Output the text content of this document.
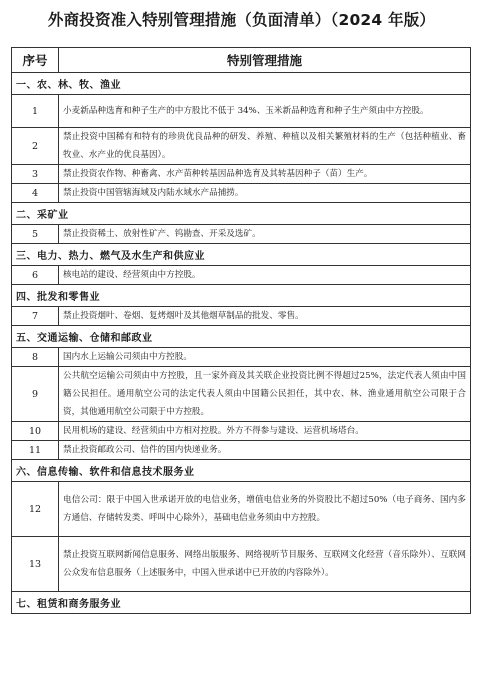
外商投资准入特别管理措施（负面清单）（2024 年版）
序号	特别管理措施
一、农、林、牧、渔业	
1	小麦新品种选育和种子生产的中方股比不低于 34%、玉米新品种选育和种子生产须由中方控股。
2	禁止投资中国稀有和特有的珍贵优良品种的研发、养殖、种植以及相关繁殖材料的生产（包括种植业、畜牧业、水产业的优良基因）。
3	禁止投资农作物、种畜禽、水产苗种转基因品种选育及其转基因种子（苗）生产。
4	禁止投资中国管辖海域及内陆水域水产品捕捞。
二、采矿业	
5	禁止投资稀土、放射性矿产、钨勘查、开采及选矿。
三、电力、热力、燃气及水生产和供应业	
6	核电站的建设、经营须由中方控股。
四、批发和零售业	
7	禁止投资烟叶、卷烟、复烤烟叶及其他烟草制品的批发、零售。
五、交通运输、仓储和邮政业	
8	国内水上运输公司须由中方控股。
9	公共航空运输公司须由中方控股，且一家外商及其关联企业投资比例不得超过25%，法定代表人须由中国籍公民担任。通用航空公司的法定代表人须由中国籍公民担任，其中农、林、渔业通用航空公司限于合资，其他通用航空公司限于中方控股。
10	民用机场的建设、经营须由中方相对控股。外方不得参与建设、运营机场塔台。
11	禁止投资邮政公司、信件的国内快递业务。
六、信息传输、软件和信息技术服务业	
12	电信公司：限于中国入世承诺开放的电信业务，增值电信业务的外资股比不超过50%（电子商务、国内多方通信、存储转发类、呼叫中心除外），基础电信业务须由中方控股。
13	禁止投资互联网新闻信息服务、网络出版服务、网络视听节目服务、互联网文化经营（音乐除外）、互联网公众发布信息服务（上述服务中，中国入世承诺中已开放的内容除外）。
七、租赁和商务服务业	
